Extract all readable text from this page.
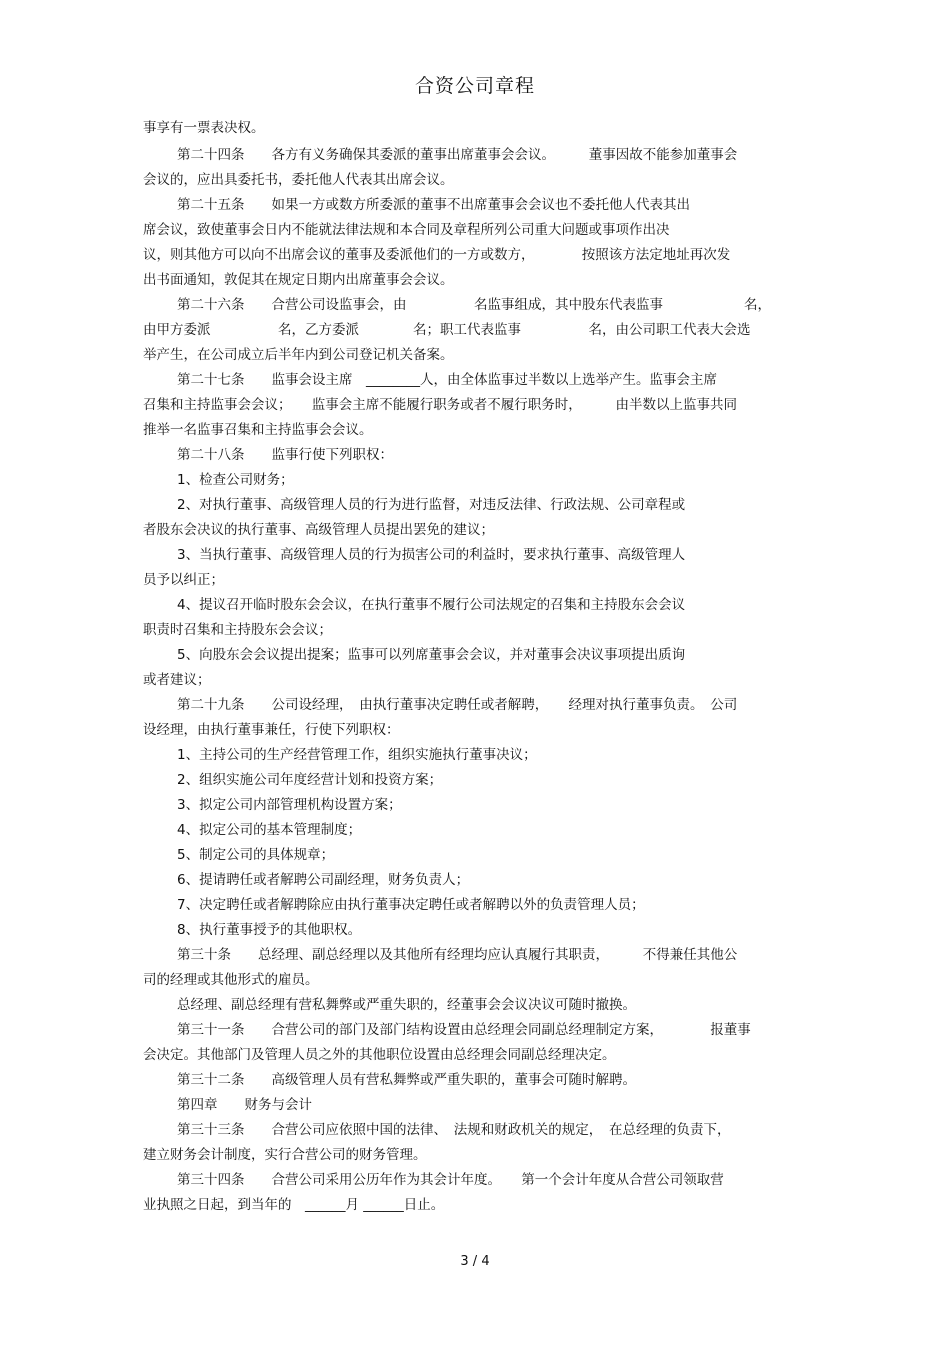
合资公司章程
事享有一票表决权。
第二十四条　　各方有义务确保其委派的董事出席董事会会议。　　　董事因故不能参加董事会
会议的，应出具委托书，委托他人代表其出席会议。
第二十五条　　如果一方或数方所委派的董事不出席董事会会议也不委托他人代表其出
席会议，致使董事会日内不能就法律法规和本合同及章程所列公司重大问题或事项作出决
议，则其他方可以向不出席会议的董事及委派他们的一方或数方，　　　　按照该方法定地址再次发
出书面通知，敦促其在规定日期内出席董事会会议。
第二十六条　　合营公司设监事会，由　　　　　名监事组成，其中股东代表监事　　　　　　名，
由甲方委派　　　　　名，乙方委派　　　　名；职工代表监事　　　　　名，由公司职工代表大会选
举产生，在公司成立后半年内到公司登记机关备案。
第二十七条　　监事会设主席　________人，由全体监事过半数以上选举产生。监事会主席
召集和主持监事会会议；　　监事会主席不能履行职务或者不履行职务时，　　　由半数以上监事共同
推举一名监事召集和主持监事会会议。
第二十八条　　监事行使下列职权：
1、检查公司财务；
2、对执行董事、高级管理人员的行为进行监督，对违反法律、行政法规、公司章程或
者股东会决议的执行董事、高级管理人员提出罢免的建议；
3、当执行董事、高级管理人员的行为损害公司的利益时，要求执行董事、高级管理人
员予以纠正；
4、提议召开临时股东会会议，在执行董事不履行公司法规定的召集和主持股东会会议
职责时召集和主持股东会会议；
5、向股东会会议提出提案；监事可以列席董事会会议，并对董事会决议事项提出质询
或者建议；
第二十九条　　公司设经理，　由执行董事决定聘任或者解聘，　　经理对执行董事负责。　公司
设经理，由执行董事兼任，行使下列职权：
1、主持公司的生产经营管理工作，组织实施执行董事决议；
2、组织实施公司年度经营计划和投资方案；
3、拟定公司内部管理机构设置方案；
4、拟定公司的基本管理制度；
5、制定公司的具体规章；
6、提请聘任或者解聘公司副经理，财务负责人；
7、决定聘任或者解聘除应由执行董事决定聘任或者解聘以外的负责管理人员；
8、执行董事授予的其他职权。
第三十条　　总经理、副总经理以及其他所有经理均应认真履行其职责，　　　不得兼任其他公
司的经理或其他形式的雇员。
总经理、副总经理有营私舞弊或严重失职的，经董事会会议决议可随时撤换。
第三十一条　　合营公司的部门及部门结构设置由总经理会同副总经理制定方案，　　　　报董事
会决定。其他部门及管理人员之外的其他职位设置由总经理会同副总经理决定。
第三十二条　　高级管理人员有营私舞弊或严重失职的，董事会可随时解聘。
第四章　　财务与会计
第三十三条　　合营公司应依照中国的法律、　法规和财政机关的规定，　在总经理的负责下，
建立财务会计制度，实行合营公司的财务管理。
第三十四条　　合营公司采用公历年作为其会计年度。　　第一个会计年度从合营公司领取营
业执照之日起，到当年的　______月 ______日止。
3 / 4
